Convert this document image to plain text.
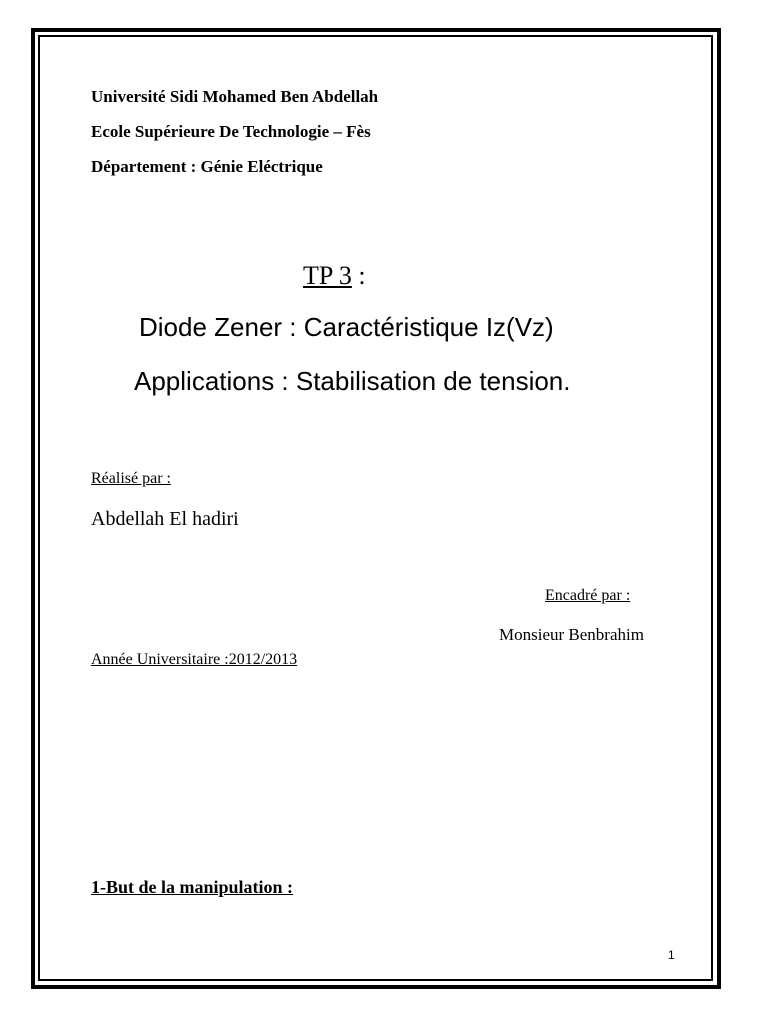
Université Sidi Mohamed Ben Abdellah
Ecole Supérieure De Technologie – Fès
Département : Génie Eléctrique
TP 3 :
Diode Zener : Caractéristique Iz(Vz)
Applications : Stabilisation de tension.
Réalisé par :
Abdellah El hadiri
Encadré par :
Monsieur Benbrahim
Année Universitaire :2012/2013
1-But de la manipulation :
1
